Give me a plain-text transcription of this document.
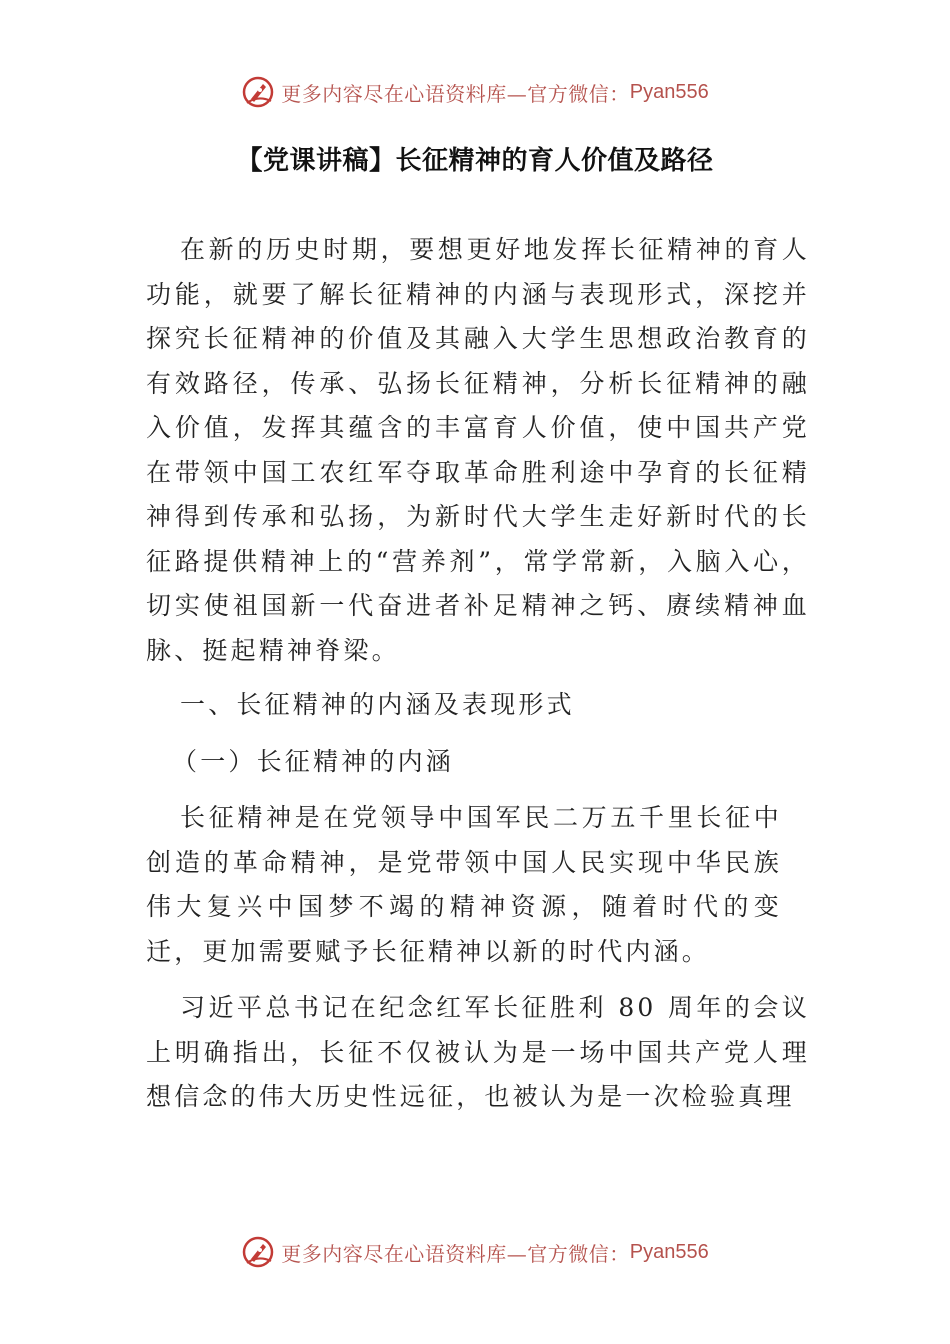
更多内容尽在心语资料库—官方微信： Pyan556
【党课讲稿】长征精神的育人价值及路径

在新的历史时期，要想更好地发挥长征精神的育人功能，就要了解长征精神的内涵与表现形式，深挖并探究长征精神的价值及其融入大学生思想政治教育的有效路径，传承、弘扬长征精神，分析长征精神的融入价值，发挥其蕴含的丰富育人价值，使中国共产党在带领中国工农红军夺取革命胜利途中孕育的长征精神得到传承和弘扬，为新时代大学生走好新时代的长征路提供精神上的“营养剂”，常学常新，入脑入心，切实使祖国新一代奋进者补足精神之钙、赓续精神血脉、挺起精神脊梁。

一、长征精神的内涵及表现形式

（一）长征精神的内涵

长征精神是在党领导中国军民二万五千里长征中创造的革命精神，是党带领中国人民实现中华民族伟大复兴中国梦不竭的精神资源，随着时代的变迁，更加需要赋予长征精神以新的时代内涵。

习近平总书记在纪念红军长征胜利 80 周年的会议上明确指出，长征不仅被认为是一场中国共产党人理想信念的伟大历史性远征，也被认为是一次检验真理

更多内容尽在心语资料库—官方微信： Pyan556
